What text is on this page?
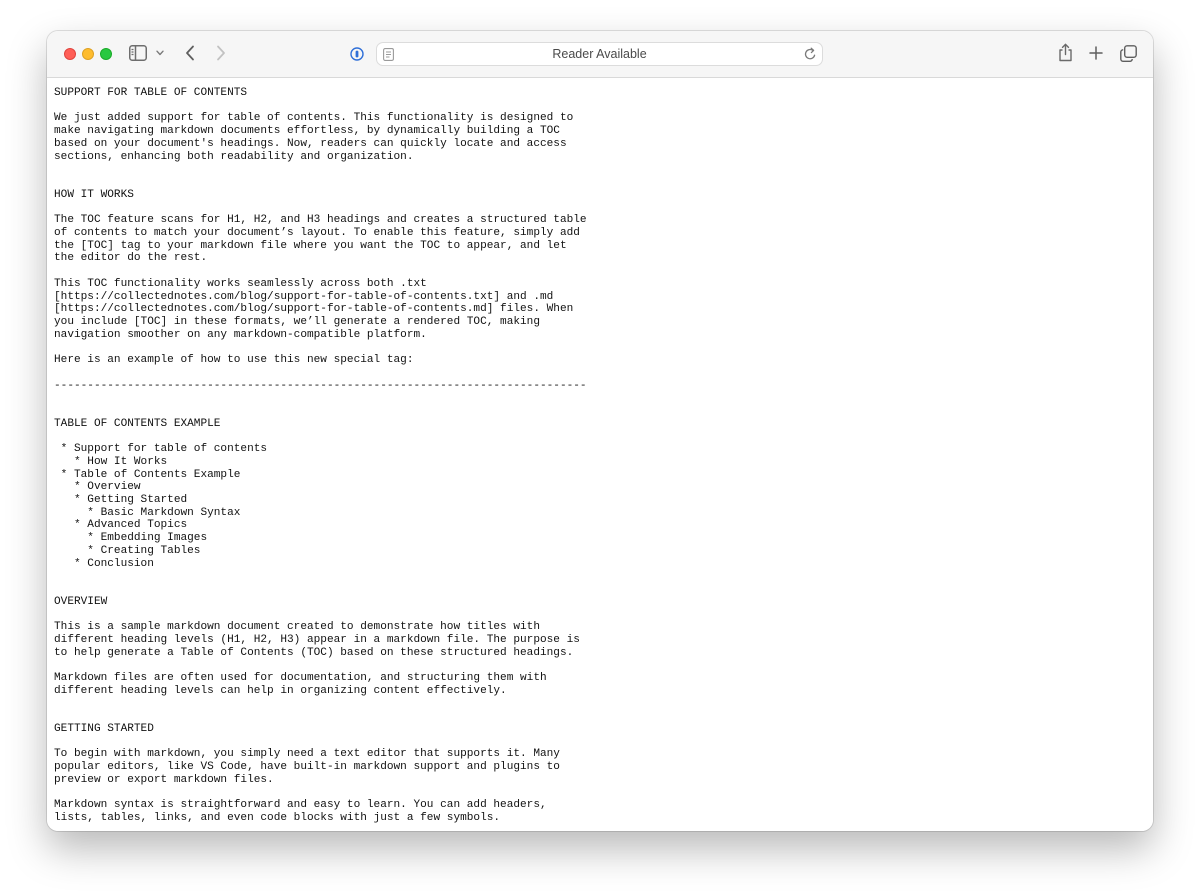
Reader Available
SUPPORT FOR TABLE OF CONTENTS

We just added support for table of contents. This functionality is designed to
make navigating markdown documents effortless, by dynamically building a TOC
based on your document's headings. Now, readers can quickly locate and access
sections, enhancing both readability and organization.

HOW IT WORKS

The TOC feature scans for H1, H2, and H3 headings and creates a structured table
of contents to match your document’s layout. To enable this feature, simply add
the [TOC] tag to your markdown file where you want the TOC to appear, and let
the editor do the rest.

This TOC functionality works seamlessly across both .txt
[https://collectednotes.com/blog/support-for-table-of-contents.txt] and .md
[https://collectednotes.com/blog/support-for-table-of-contents.md] files. When
you include [TOC] in these formats, we’ll generate a rendered TOC, making
navigation smoother on any markdown-compatible platform.

Here is an example of how to use this new special tag:

--------------------------------------------------------------------------------

TABLE OF CONTENTS EXAMPLE

* Support for table of contents
* How It Works
* Table of Contents Example
* Overview
* Getting Started
* Basic Markdown Syntax
* Advanced Topics
* Embedding Images
* Creating Tables
* Conclusion

OVERVIEW

This is a sample markdown document created to demonstrate how titles with
different heading levels (H1, H2, H3) appear in a markdown file. The purpose is
to help generate a Table of Contents (TOC) based on these structured headings.

Markdown files are often used for documentation, and structuring them with
different heading levels can help in organizing content effectively.

GETTING STARTED

To begin with markdown, you simply need a text editor that supports it. Many
popular editors, like VS Code, have built-in markdown support and plugins to
preview or export markdown files.

Markdown syntax is straightforward and easy to learn. You can add headers,
lists, tables, links, and even code blocks with just a few symbols.
